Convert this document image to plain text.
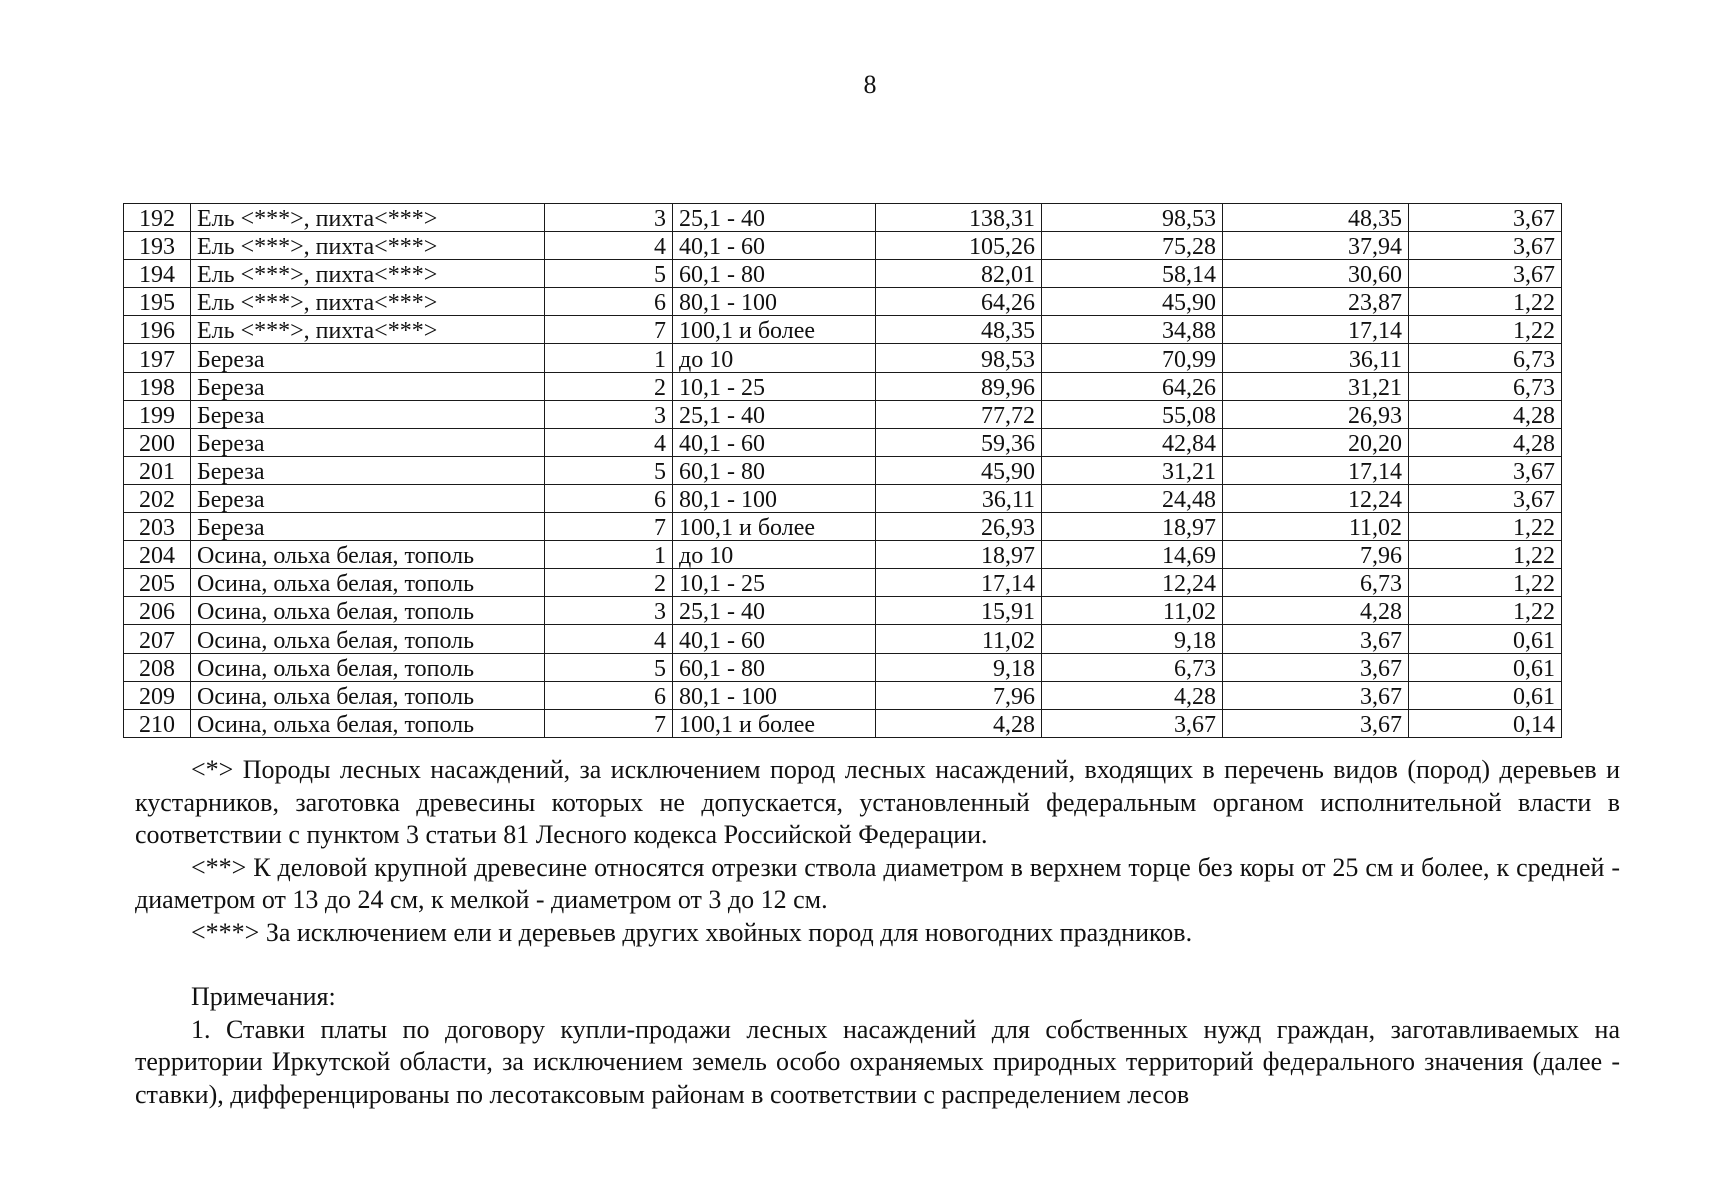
8
192	Ель <***>, пихта<***>	3	25,1 - 40	138,31	98,53	48,35	3,67
193	Ель <***>, пихта<***>	4	40,1 - 60	105,26	75,28	37,94	3,67
194	Ель <***>, пихта<***>	5	60,1 - 80	82,01	58,14	30,60	3,67
195	Ель <***>, пихта<***>	6	80,1 - 100	64,26	45,90	23,87	1,22
196	Ель <***>, пихта<***>	7	100,1 и более	48,35	34,88	17,14	1,22
197	Береза	1	до 10	98,53	70,99	36,11	6,73
198	Береза	2	10,1 - 25	89,96	64,26	31,21	6,73
199	Береза	3	25,1 - 40	77,72	55,08	26,93	4,28
200	Береза	4	40,1 - 60	59,36	42,84	20,20	4,28
201	Береза	5	60,1 - 80	45,90	31,21	17,14	3,67
202	Береза	6	80,1 - 100	36,11	24,48	12,24	3,67
203	Береза	7	100,1 и более	26,93	18,97	11,02	1,22
204	Осина, ольха белая, тополь	1	до 10	18,97	14,69	7,96	1,22
205	Осина, ольха белая, тополь	2	10,1 - 25	17,14	12,24	6,73	1,22
206	Осина, ольха белая, тополь	3	25,1 - 40	15,91	11,02	4,28	1,22
207	Осина, ольха белая, тополь	4	40,1 - 60	11,02	9,18	3,67	0,61
208	Осина, ольха белая, тополь	5	60,1 - 80	9,18	6,73	3,67	0,61
209	Осина, ольха белая, тополь	6	80,1 - 100	7,96	4,28	3,67	0,61
210	Осина, ольха белая, тополь	7	100,1 и более	4,28	3,67	3,67	0,14

<*> Породы лесных насаждений, за исключением пород лесных насаждений, входящих в перечень видов (пород) деревьев и кустарников, заготовка древесины которых не допускается, установленный федеральным органом исполнительной власти в соответствии с пунктом 3 статьи 81 Лесного кодекса Российской Федерации.

<**> К деловой крупной древесине относятся отрезки ствола диаметром в верхнем торце без коры от 25 см и более, к средней - диаметром от 13 до 24 см, к мелкой - диаметром от 3 до 12 см.

<***> За исключением ели и деревьев других хвойных пород для новогодних праздников.

Примечания:

1. Ставки платы по договору купли-продажи лесных насаждений для собственных нужд граждан, заготавливаемых на территории Иркутской области, за исключением земель особо охраняемых природных территорий федерального значения (далее - ставки), дифференцированы по лесотаксовым районам в соответствии с распределением лесов
